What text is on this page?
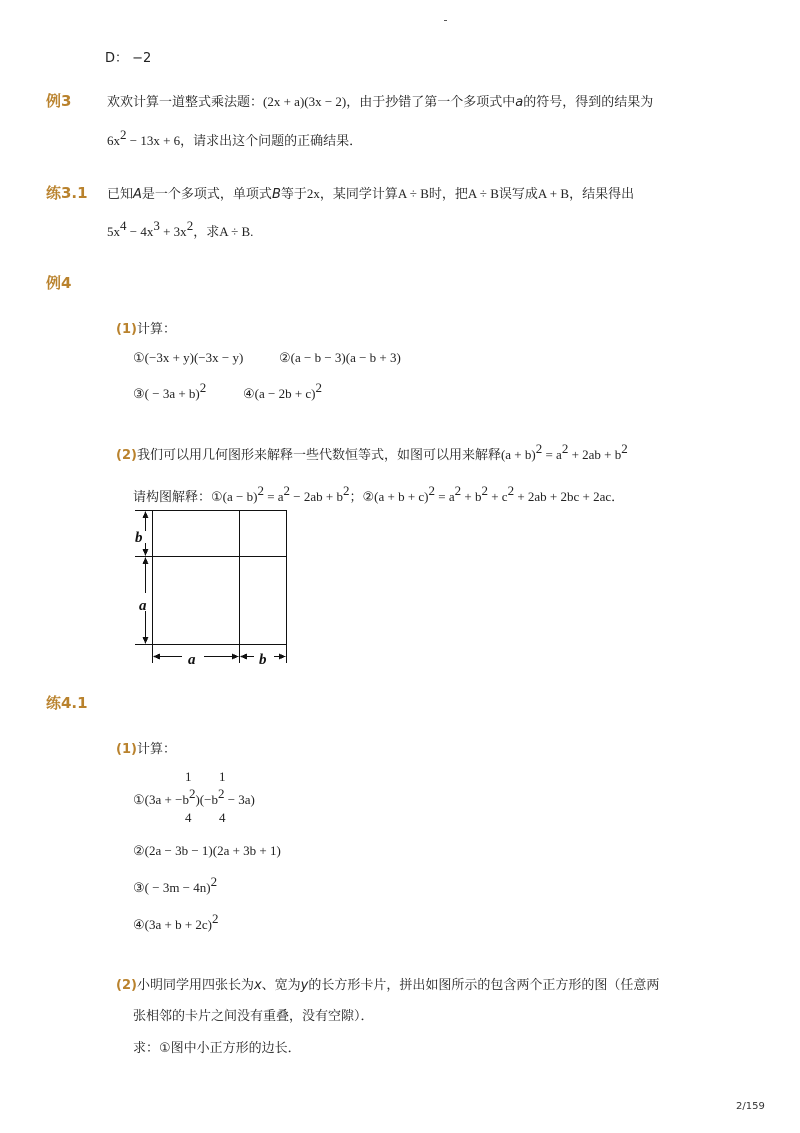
D： −2
例3	欢欢计算一道整式乘法题：(2x + a)(3x − 2)，由于抄错了第一个多项式中a的符号，得到的结果为
$6x^2 - 13x + 6$，请求出这个问题的正确结果．
练3.1 已知A是一个多项式，单项式B等于2x，某同学计算A ÷ B时，把A ÷ B误写成A + B，结果得出
$5x^4 - 4x^3 + 3x^2$，求A ÷ B.
例4
(1)计算：
①(−3x + y)(−3x − y)	②(a − b − 3)(a − b + 3)
③( − 3a + b)$^2$	④(a − 2b + c)$^2$
(2)我们可以用几何图形来解释一些代数恒等式，如图可以用来解释$(a + b)^2 = a^2 + 2ab + b^2$
请构图解释：①(a − $b)^2 = a^2 - 2ab + b^2$；②(a + $b + c)^2 = a^2 + b^2 + c^2 + 2ab + 2bc + 2ac$．
b
a
a	b
练4.1
(1)计算：
1 1
①(3a + $-b^2)(-b^2 - 3a)$
4 4
②(2a − 3b − 1)(2a + 3b + 1)
③( − 3m − 4n)$^2$
④(3a + b + 2c)$^2$
(2)小明同学用四张长为x、宽为y的长方形卡片，拼出如图所示的包含两个正方形的图（任意两
张相邻的卡片之间没有重叠，没有空隙）．
求：①图中小正方形的边长．
2/159
